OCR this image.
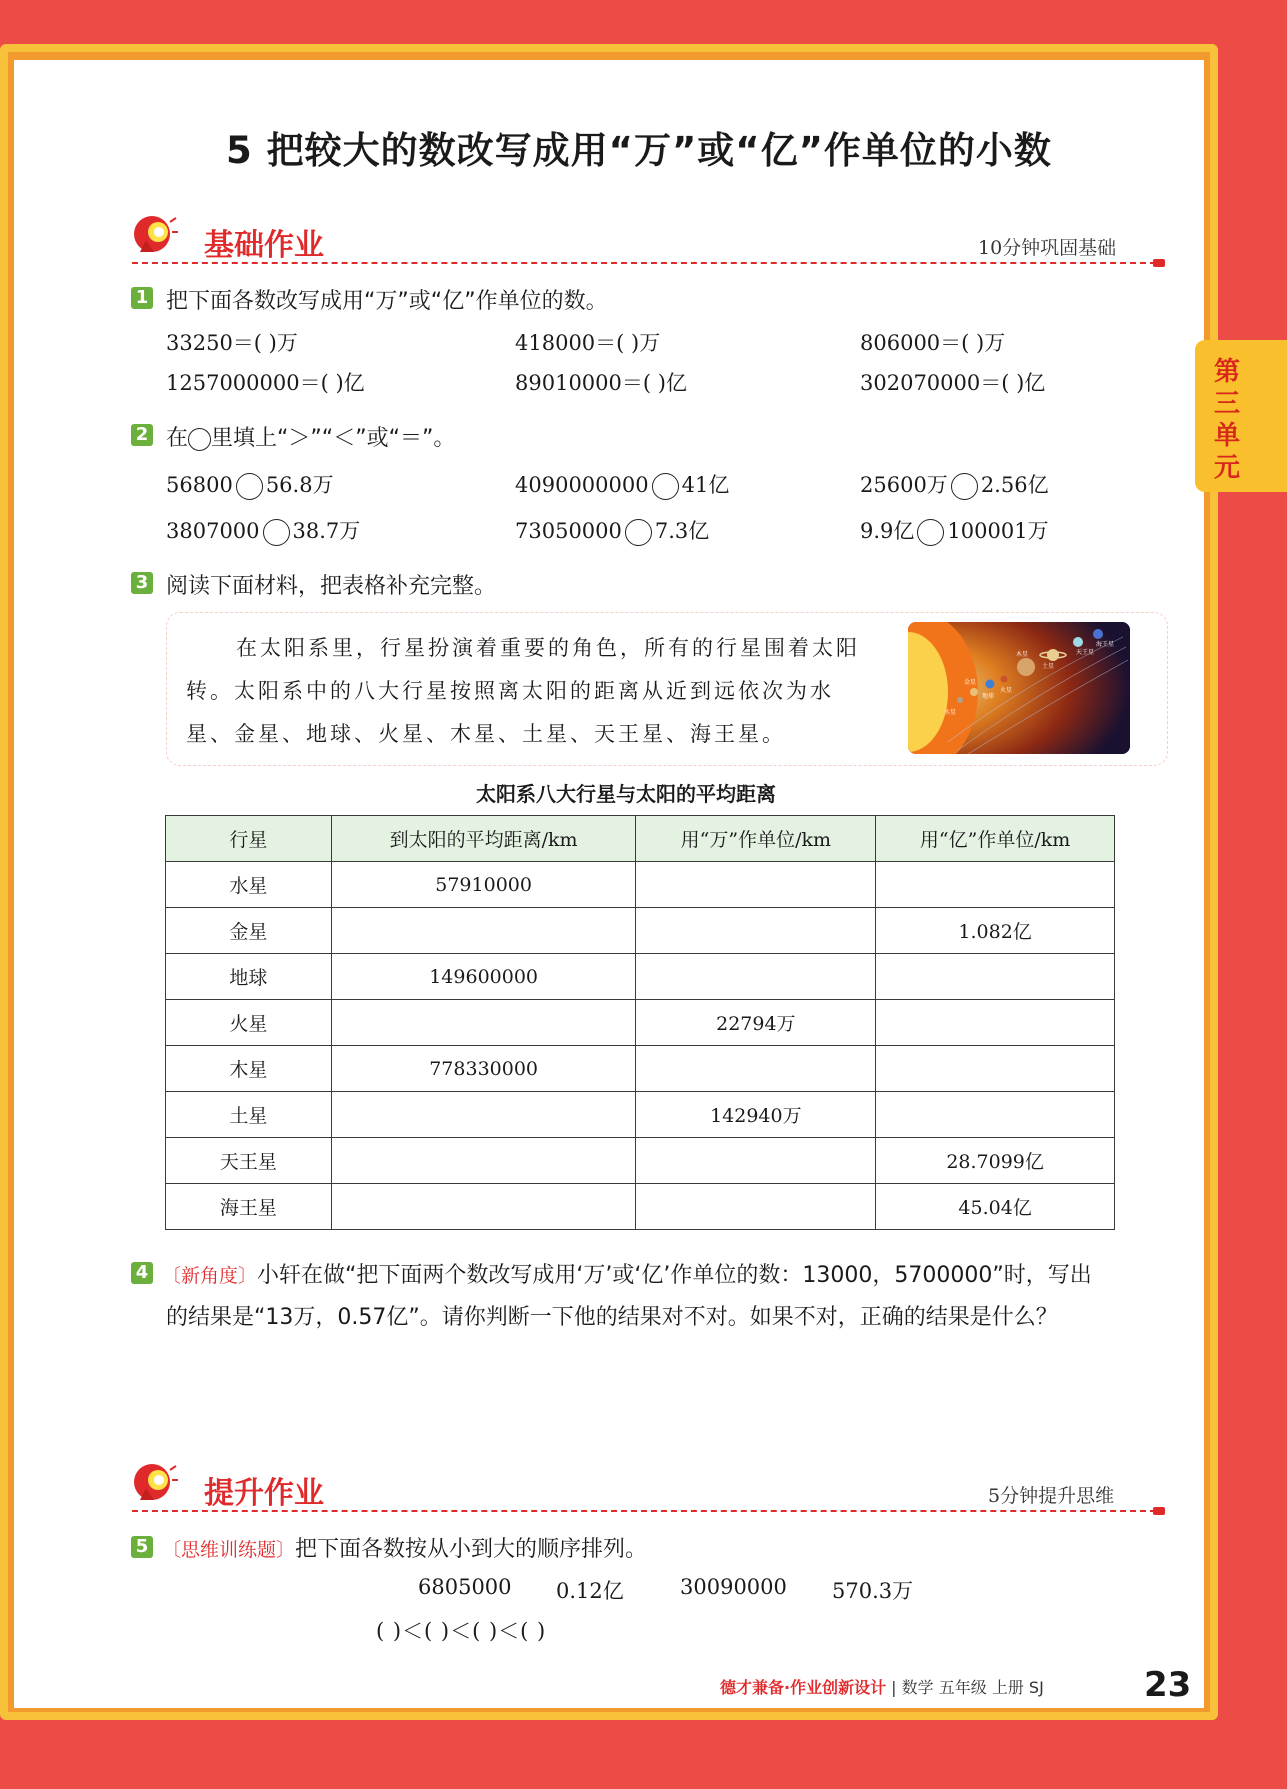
第
三
单
元
5 把较大的数改写成用“万”或“亿”作单位的小数
基础作业	10分钟巩固基础
1 把下面各数改写成用“万”或“亿”作单位的数。
33250＝( )万	418000＝( )万	806000＝( )万
1257000000＝( )亿	89010000＝( )亿	302070000＝( )亿
2 在 里填上“＞”“＜”或“＝”。
56800 56.8万	4090000000 41亿	25600万 2.56亿
3807000 38.7万	73050000 7.3亿	9.9亿 100001万
3 阅读下面材料，把表格补充完整。
在太阳系里，行星扮演着重要的角色，所有的行星围着太阳
转。太阳系中的八大行星按照离太阳的距离从近到远依次为水
星、金星、地球、火星、木星、土星、天王星、海王星。
水星
金星
地球
火星
木星
土星
天王星
海王星
太阳系八大行星与太阳的平均距离
行星	到太阳的平均距离/km	用“万”作单位/km	用“亿”作单位/km
水星	57910000		
金星			1.082亿
地球	149600000		
火星		22794万	
木星	778330000		
土星		142940万	
天王星			28.7099亿
海王星			45.04亿
4 〔新角度〕小轩在做“把下面两个数改写成用‘万’或‘亿’作单位的数：13000，5700000”时，写出
的结果是“13万，0.57亿”。请你判断一下他的结果对不对。如果不对，正确的结果是什么？
提升作业	5分钟提升思维
5 〔思维训练题〕把下面各数按从小到大的顺序排列。
6805000 0.12亿	30090000 570.3万
( )＜( )＜( )＜( )
德才兼备·作业创新设计 | 数学 五年级 上册 SJ	23
